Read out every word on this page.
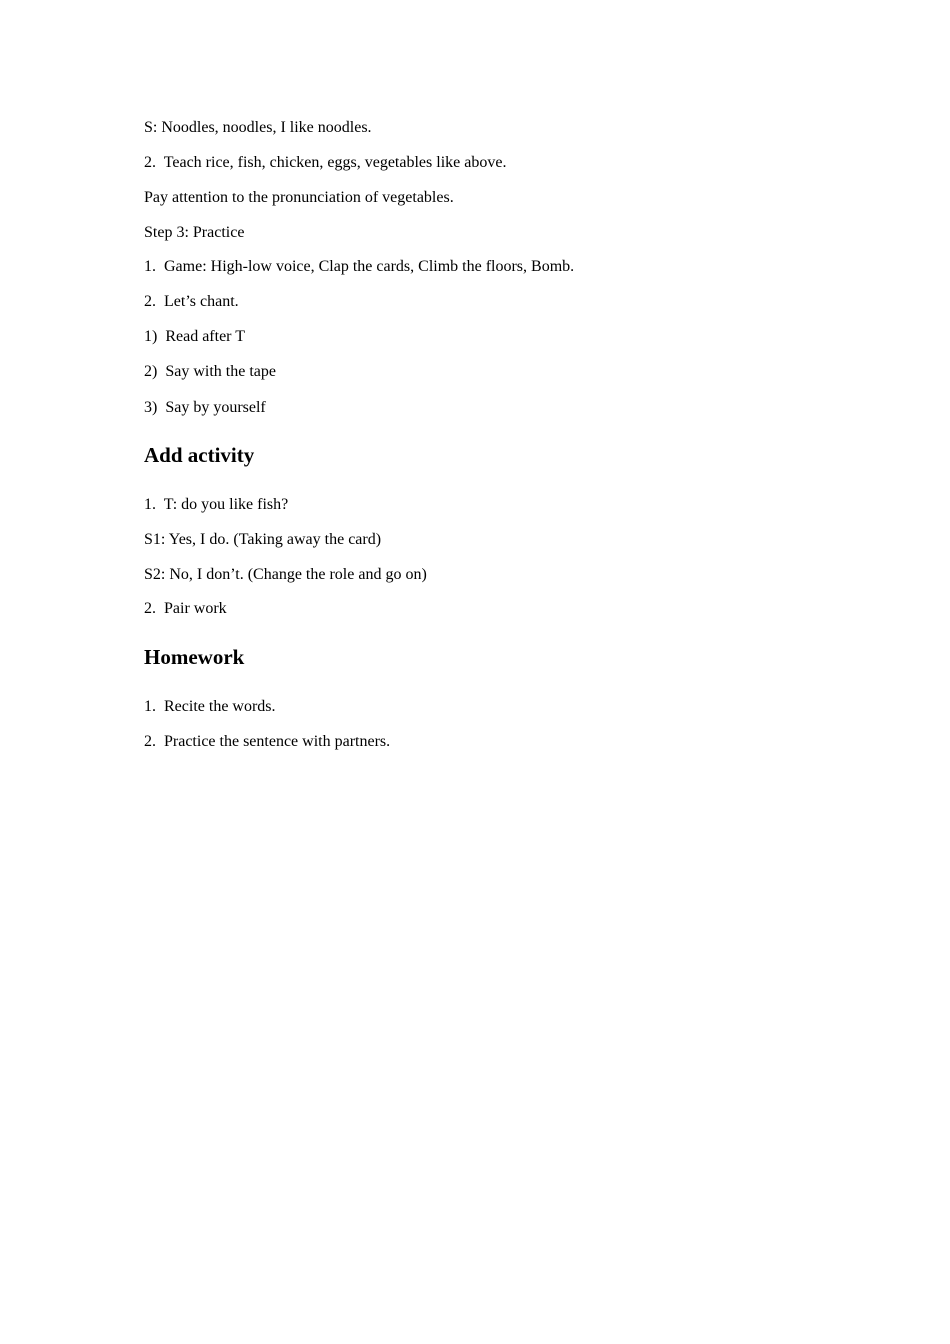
S: Noodles, noodles, I like noodles.
2.  Teach rice, fish, chicken, eggs, vegetables like above.
Pay attention to the pronunciation of vegetables.
Step 3: Practice
1.  Game: High-low voice, Clap the cards, Climb the floors, Bomb.
2.  Let’s chant.
1)  Read after T
2)  Say with the tape
3)  Say by yourself
Add activity
1.  T: do you like fish?
S1: Yes, I do. (Taking away the card)
S2: No, I don’t. (Change the role and go on)
2.  Pair work
Homework
1.  Recite the words.
2.  Practice the sentence with partners.
